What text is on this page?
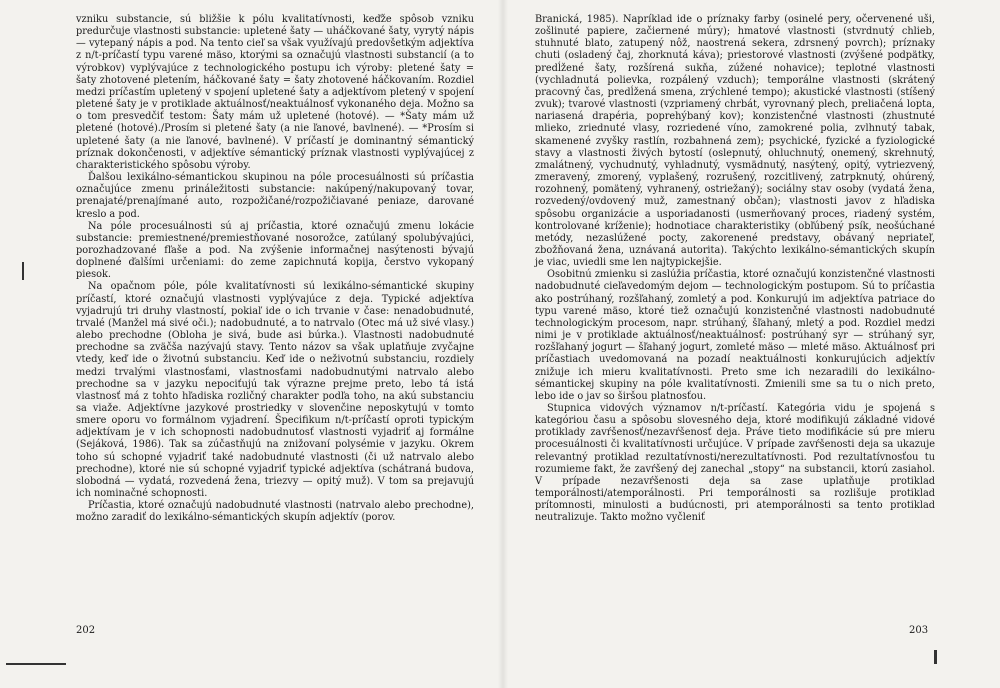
vzniku substancie, sú bližšie k pólu kvalitatívnosti, keďže spôsob vzniku predurčuje vlastnosti substancie: upletené šaty — uháčkované šaty, vyrytý nápis — vytepaný nápis a pod. Na tento cieľ sa však využívajú predovšetkým adjektíva z n/t-príčastí typu varené mäso, ktorými sa označujú vlastnosti substancií (a to výrobkov) vyplývajúce z technologického postupu ich výroby: pletené šaty = šaty zhotovené pletením, háčkované šaty = šaty zhotovené háčkovaním. Rozdiel medzi príčastím upletený v spojení upletené šaty a adjektívom pletený v spojení pletené šaty je v protiklade aktuálnosť/neaktuálnosť vykonaného deja. Možno sa o tom presvedčiť testom: Šaty mám už upletené (hotové). — *Šaty mám už pletené (hotové)./Prosím si pletené šaty (a nie ľanové, bavlnené). — *Prosím si upletené šaty (a nie ľanové, bavlnené). V príčastí je dominantný sémantický príznak dokončenosti, v adjektíve sémantický príznak vlastnosti vyplývajúcej z charakteristického spôsobu výroby.

Ďalšou lexikálno-sémantickou skupinou na póle procesuálnosti sú príčastia označujúce zmenu prináležitosti substancie: nakúpený/nakupovaný tovar, prenajaté/prenajímané auto, rozpožičané/rozpožičiavané peniaze, darované kreslo a pod.

Na póle procesuálnosti sú aj príčastia, ktoré označujú zmenu lokácie substancie: premiestnené/premiestňované nosorožce, zatúlaný spolubývajúci, porozhadzované fľaše a pod. Na zvýšenie informačnej nasýtenosti bývajú doplnené ďalšími určeniami: do zeme zapichnutá kopija, čerstvo vykopaný piesok.

Na opačnom póle, póle kvalitatívnosti sú lexikálno-sémantické skupiny príčastí, ktoré označujú vlastnosti vyplývajúce z deja. Typické adjektíva vyjadrujú tri druhy vlastností, pokiaľ ide o ich trvanie v čase: nenadobudnuté, trvalé (Manžel má sivé oči.); nadobudnuté, a to natrvalo (Otec má už sivé vlasy.) alebo prechodne (Obloha je sivá, bude asi búrka.). Vlastnosti nadobudnuté prechodne sa zväčša nazývajú stavy. Tento názov sa však uplatňuje zvyčajne vtedy, keď ide o životnú substanciu. Keď ide o neživotnú substanciu, rozdiely medzi trvalými vlastnosťami, vlastnosťami nadobudnutými natrvalo alebo prechodne sa v jazyku nepociťujú tak výrazne prejme preto, lebo tá istá vlastnosť má z tohto hľadiska rozličný charakter podľa toho, na akú substanciu sa viaže. Adjektívne jazykové prostriedky v slovenčine neposkytujú v tomto smere oporu vo formálnom vyjadrení. Špecifikum n/t-príčastí oproti typickým adjektívam je v ich schopnosti nadobudnutosť vlastnosti vyjadriť aj formálne (Sejáková, 1986). Tak sa zúčastňujú na znižovaní polysémie v jazyku. Okrem toho sú schopné vyjadriť také nadobudnuté vlastnosti (či už natrvalo alebo prechodne), ktoré nie sú schopné vyjadriť typické adjektíva (schátraná budova, slobodná — vydatá, rozvedená žena, triezvy — opitý muž). V tom sa prejavujú ich nominačné schopnosti.

Príčastia, ktoré označujú nadobudnuté vlastnosti (natrvalo alebo prechodne), možno zaradiť do lexikálno-sémantických skupín adjektív (porov.

202

Branická, 1985). Napríklad ide o príznaky farby (osinelé pery, očervenené uši, zošlinuté papiere, začiernené múry); hmatové vlastnosti (stvrdnutý chlieb, stuhnuté blato, zatupený nôž, naostrená sekera, zdrsnený povrch); príznaky chuti (osladený čaj, zhorknutá káva); priestorové vlastnosti (zvýšené podpätky, predĺžené šaty, rozšírená sukňa, zúžené nohavice); teplotné vlastnosti (vychladnutá polievka, rozpálený vzduch); temporálne vlastnosti (skrátený pracovný čas, predĺžená smena, zrýchlené tempo); akustické vlastnosti (stíšený zvuk); tvarové vlastnosti (vzpriamený chrbát, vyrovnaný plech, preliačená lopta, nariasená drapéria, poprehýbaný kov); konzistenčné vlastnosti (zhustnuté mlieko, zriednuté vlasy, rozriedené víno, zamokrené polia, zvlhnutý tabak, skamenené zvyšky rastlín, rozbahnená zem); psychické, fyzické a fyziologické stavy a vlastnosti živých bytostí (oslepnutý, ohluchnutý, onemený, skrehnutý, zmalátnený, vychudnutý, vyhladnutý, vysmädnutý, nasýtený, opitý, vytriezvený, zmeravený, zmorený, vyplašený, rozrušený, rozcitlivený, zatrpknutý, ohúrený, rozohnený, pomätený, vyhranený, ostriežaný); sociálny stav osoby (vydatá žena, rozvedený/ovdovený muž, zamestnaný občan); vlastnosti javov z hľadiska spôsobu organizácie a usporiadanosti (usmerňovaný proces, riadený systém, kontrolované kríženie); hodnotiace charakteristiky (obľúbený psík, neošúchané metódy, nezaslúžené pocty, zakorenené predstavy, obávaný nepriateľ, zbožňovaná žena, uznávaná autorita). Takýchto lexikálno-sémantických skupín je viac, uviedli sme len najtypickejšie.

Osobitnú zmienku si zaslúžia príčastia, ktoré označujú konzistenčné vlastnosti nadobudnuté cieľavedomým dejom — technologickým postupom. Sú to príčastia ako postrúhaný, rozšľahaný, zomletý a pod. Konkurujú im adjektíva patriace do typu varené mäso, ktoré tiež označujú konzistenčné vlastnosti nadobudnuté technologickým procesom, napr. strúhaný, šľahaný, mletý a pod. Rozdiel medzi nimi je v protiklade aktuálnosť/neaktuálnosť: postrúhaný syr — strúhaný syr, rozšľahaný jogurt — šľahaný jogurt, zomleté mäso — mleté mäso. Aktuálnosť pri príčastiach uvedomovaná na pozadí neaktuálnosti konkurujúcich adjektív znižuje ich mieru kvalitatívnosti. Preto sme ich nezaradili do lexikálno-sémantickej skupiny na póle kvalitatívnosti. Zmienili sme sa tu o nich preto, lebo ide o jav so širšou platnosťou.

Stupnica vidových významov n/t-príčastí. Kategória vidu je spojená s kategóriou času a spôsobu slovesného deja, ktoré modifikujú základné vidové protiklady zavŕšenosť/nezavŕšenosť deja. Práve tieto modifikácie sú pre mieru procesuálnosti či kvalitatívnosti určujúce. V prípade zavŕšenosti deja sa ukazuje relevantný protiklad rezultatívnosti/nerezultatívnosti. Pod rezultatívnosťou tu rozumieme fakt, že zavŕšený dej zanechal „stopy“ na substancii, ktorú zasiahol. V prípade nezavŕšenosti deja sa zase uplatňuje protiklad temporálnosti/atemporálnosti. Pri temporálnosti sa rozlišuje protiklad prítomnosti, minulosti a budúcnosti, pri atemporálnosti sa tento protiklad neutralizuje. Takto možno vyčleniť

203
